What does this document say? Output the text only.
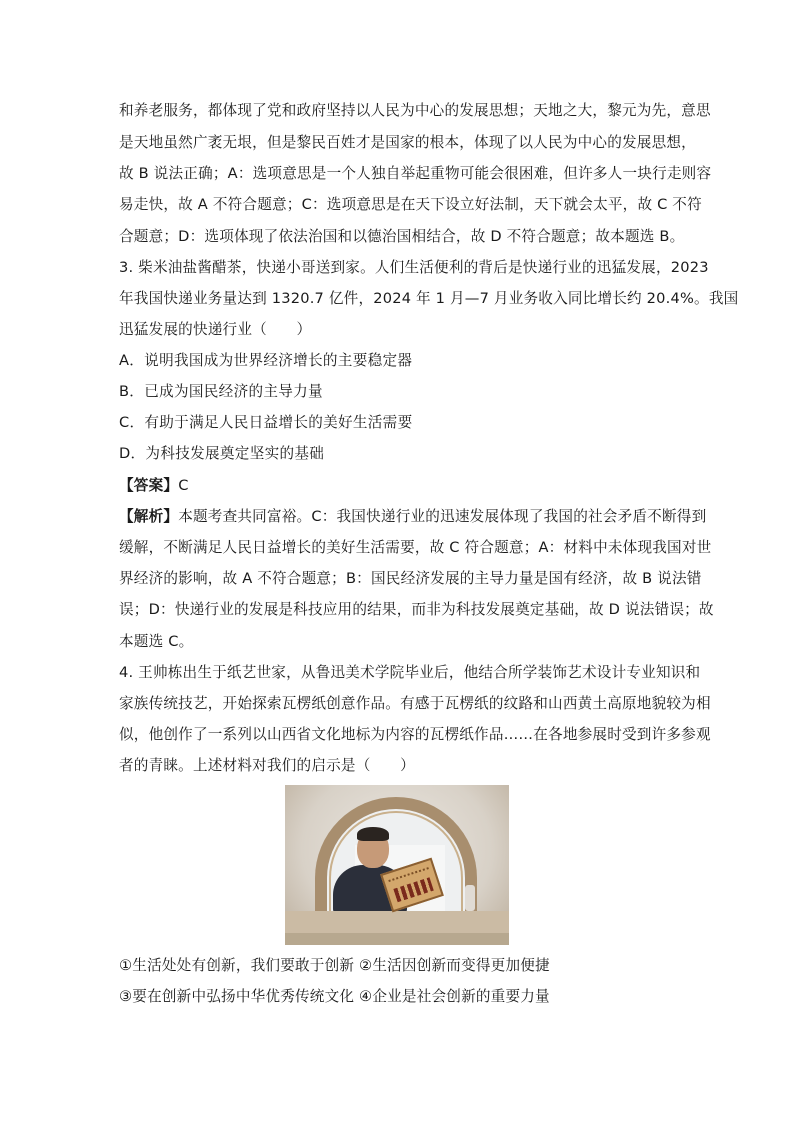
和养老服务，都体现了党和政府坚持以人民为中心的发展思想；天地之大，黎元为先，意思
是天地虽然广袤无垠，但是黎民百姓才是国家的根本，体现了以人民为中心的发展思想，
故 B 说法正确；A：选项意思是一个人独自举起重物可能会很困难，但许多人一块行走则容
易走快，故 A 不符合题意；C：选项意思是在天下设立好法制，天下就会太平，故 C 不符
合题意；D：选项体现了依法治国和以德治国相结合，故 D 不符合题意；故本题选 B。
3. 柴米油盐酱醋茶，快递小哥送到家。人们生活便利的背后是快递行业的迅猛发展，2023
年我国快递业务量达到 1320.7 亿件，2024 年 1 月—7 月业务收入同比增长约 20.4%。我国
迅猛发展的快递行业（　　）
A．说明我国成为世界经济增长的主要稳定器
B．已成为国民经济的主导力量
C．有助于满足人民日益增长的美好生活需要
D．为科技发展奠定坚实的基础
【答案】C
【解析】本题考查共同富裕。C：我国快递行业的迅速发展体现了我国的社会矛盾不断得到
缓解，不断满足人民日益增长的美好生活需要，故 C 符合题意；A：材料中未体现我国对世
界经济的影响，故 A 不符合题意；B：国民经济发展的主导力量是国有经济，故 B 说法错
误；D：快递行业的发展是科技应用的结果，而非为科技发展奠定基础，故 D 说法错误；故
本题选 C。
4. 王帅栋出生于纸艺世家，从鲁迅美术学院毕业后，他结合所学装饰艺术设计专业知识和
家族传统技艺，开始探索瓦楞纸创意作品。有感于瓦楞纸的纹路和山西黄土高原地貌较为相
似，他创作了一系列以山西省文化地标为内容的瓦楞纸作品……在各地参展时受到许多参观
者的青睐。上述材料对我们的启示是（　　）
①生活处处有创新，我们要敢于创新 ②生活因创新而变得更加便捷
③要在创新中弘扬中华优秀传统文化 ④企业是社会创新的重要力量
